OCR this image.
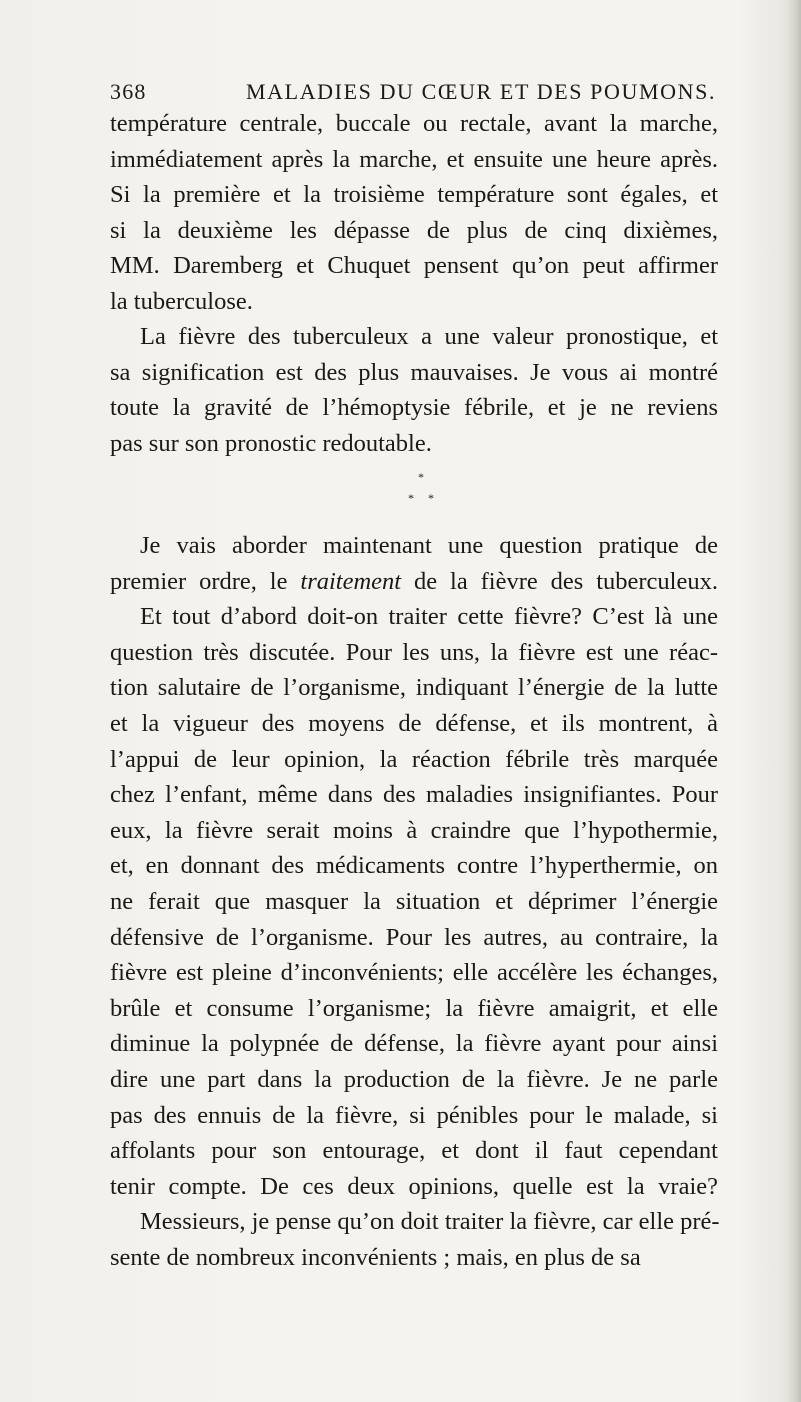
368	MALADIES DU CŒUR ET DES POUMONS.
température centrale, buccale ou rectale, avant la marche,
immédiatement après la marche, et ensuite une heure après.
Si la première et la troisième température sont égales, et
si la deuxième les dépasse de plus de cinq dixièmes,
MM. Daremberg et Chuquet pensent qu’on peut affirmer
la tuberculose.
La fièvre des tuberculeux a une valeur pronostique, et
sa signification est des plus mauvaises. Je vous ai montré
toute la gravité de l’hémoptysie fébrile, et je ne reviens
pas sur son pronostic redoutable.
*
* *
Je vais aborder maintenant une question pratique de
premier ordre, le traitement de la fièvre des tuberculeux.
Et tout d’abord doit-on traiter cette fièvre? C’est là une
question très discutée. Pour les uns, la fièvre est une réac-
tion salutaire de l’organisme, indiquant l’énergie de la lutte
et la vigueur des moyens de défense, et ils montrent, à
l’appui de leur opinion, la réaction fébrile très marquée
chez l’enfant, même dans des maladies insignifiantes. Pour
eux, la fièvre serait moins à craindre que l’hypothermie,
et, en donnant des médicaments contre l’hyperthermie, on
ne ferait que masquer la situation et déprimer l’énergie
défensive de l’organisme. Pour les autres, au contraire, la
fièvre est pleine d’inconvénients; elle accélère les échanges,
brûle et consume l’organisme; la fièvre amaigrit, et elle
diminue la polypnée de défense, la fièvre ayant pour ainsi
dire une part dans la production de la fièvre. Je ne parle
pas des ennuis de la fièvre, si pénibles pour le malade, si
affolants pour son entourage, et dont il faut cependant
tenir compte. De ces deux opinions, quelle est la vraie?
Messieurs, je pense qu’on doit traiter la fièvre, car elle pré-
sente de nombreux inconvénients ; mais, en plus de sa
